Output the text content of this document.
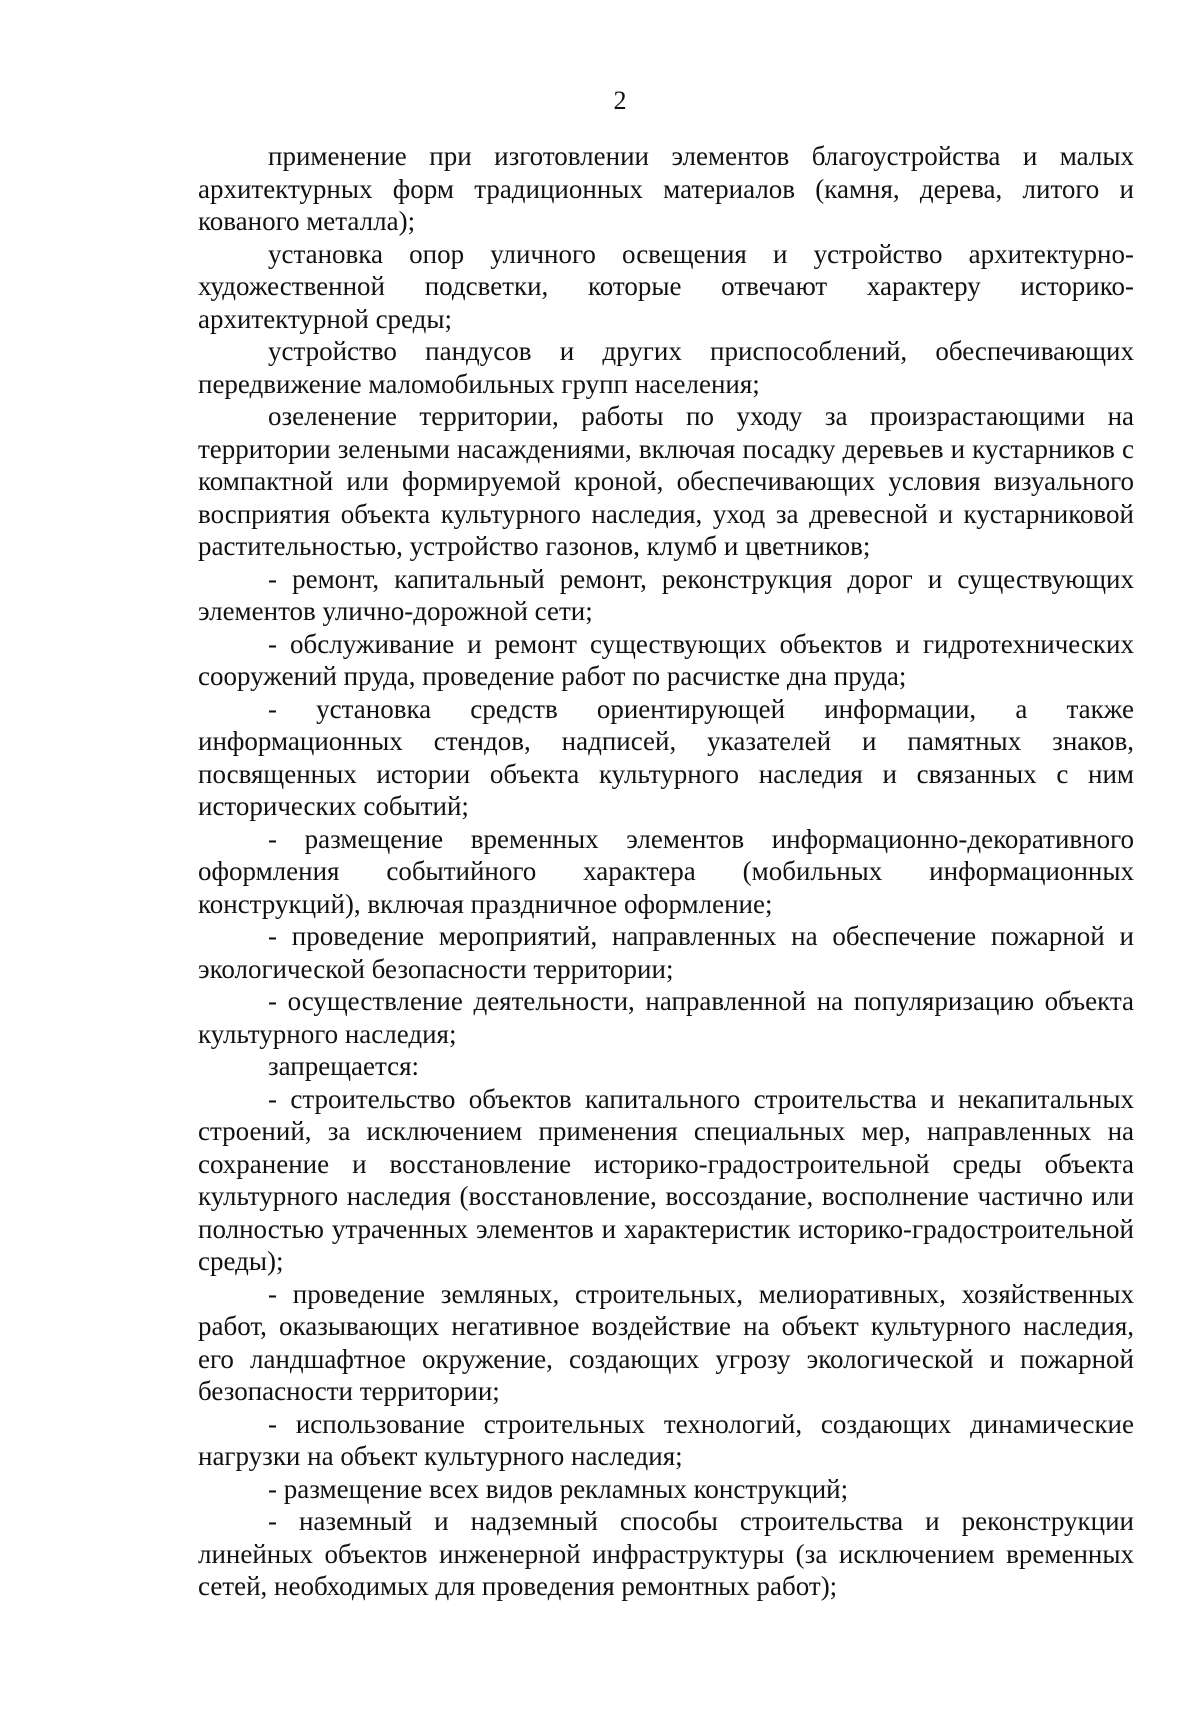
2

применение при изготовлении элементов благоустройства и малых архитектурных форм традиционных материалов (камня, дерева, литого и кованого металла);

установка опор уличного освещения и устройство архитектурно-художественной подсветки, которые отвечают характеру историко-архитектурной среды;

устройство пандусов и других приспособлений, обеспечивающих передвижение маломобильных групп населения;

озеленение территории, работы по уходу за произрастающими на территории зелеными насаждениями, включая посадку деревьев и кустарников с компактной или формируемой кроной, обеспечивающих условия визуального восприятия объекта культурного наследия, уход за древесной и кустарниковой растительностью, устройство газонов, клумб и цветников;

- ремонт, капитальный ремонт, реконструкция дорог и существующих элементов улично-дорожной сети;

- обслуживание и ремонт существующих объектов и гидротехнических сооружений пруда, проведение работ по расчистке дна пруда;

- установка средств ориентирующей информации, а также информационных стендов, надписей, указателей и памятных знаков, посвященных истории объекта культурного наследия и связанных с ним исторических событий;

- размещение временных элементов информационно-декоративного оформления событийного характера (мобильных информационных конструкций), включая праздничное оформление;

- проведение мероприятий, направленных на обеспечение пожарной и экологической безопасности территории;

- осуществление деятельности, направленной на популяризацию объекта культурного наследия;

запрещается:

- строительство объектов капитального строительства и некапитальных строений, за исключением применения специальных мер, направленных на сохранение и восстановление историко-градостроительной среды объекта культурного наследия (восстановление, воссоздание, восполнение частично или полностью утраченных элементов и характеристик историко-градостроительной среды);

- проведение земляных, строительных, мелиоративных, хозяйственных работ, оказывающих негативное воздействие на объект культурного наследия, его ландшафтное окружение, создающих угрозу экологической и пожарной безопасности территории;

- использование строительных технологий, создающих динамические нагрузки на объект культурного наследия;

- размещение всех видов рекламных конструкций;

- наземный и надземный способы строительства и реконструкции линейных объектов инженерной инфраструктуры (за исключением временных сетей, необходимых для проведения ремонтных работ);
